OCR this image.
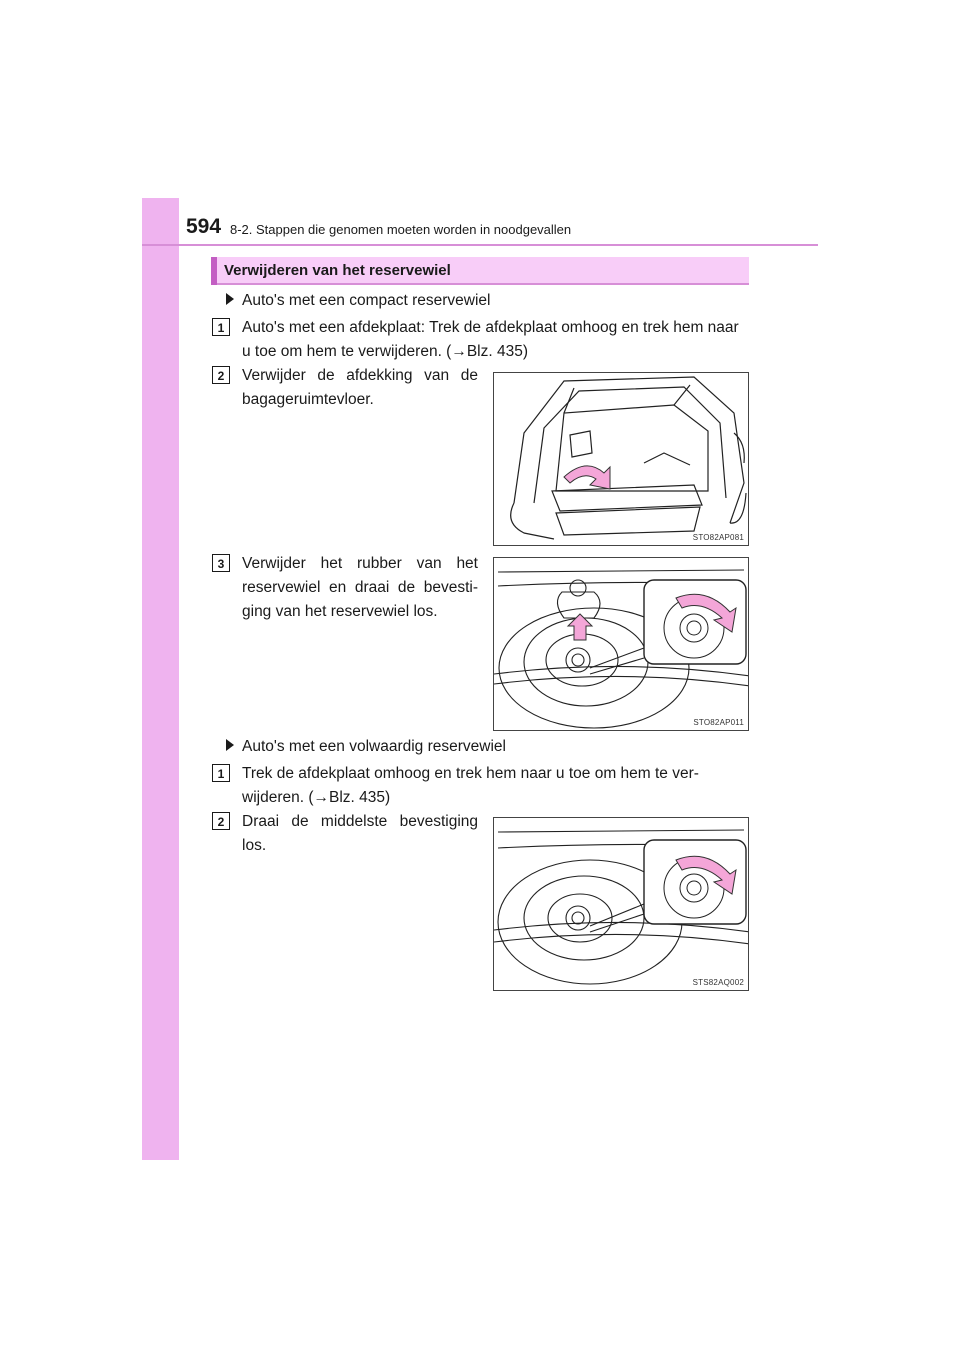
594 8-2. Stappen die genomen moeten worden in noodgevallen
Verwijderen van het reservewiel
Auto's met een compact reservewiel
1	Auto's met een afdekplaat: Trek de afdekplaat omhoog en trek hem naar u toe om hem te verwijderen. (→Blz. 435)

2	Verwijder de afdekking van de bagageruimtevloer.

STO82AP081
3	Verwijder het rubber van het reservewiel en draai de bevesti-ging van het reservewiel los.

STO82AP011
Auto's met een volwaardig reservewiel
1	Trek de afdekplaat omhoog en trek hem naar u toe om hem te ver-wijderen. (→Blz. 435)

2	Draai de middelste bevestiging los.

STS82AQ002
